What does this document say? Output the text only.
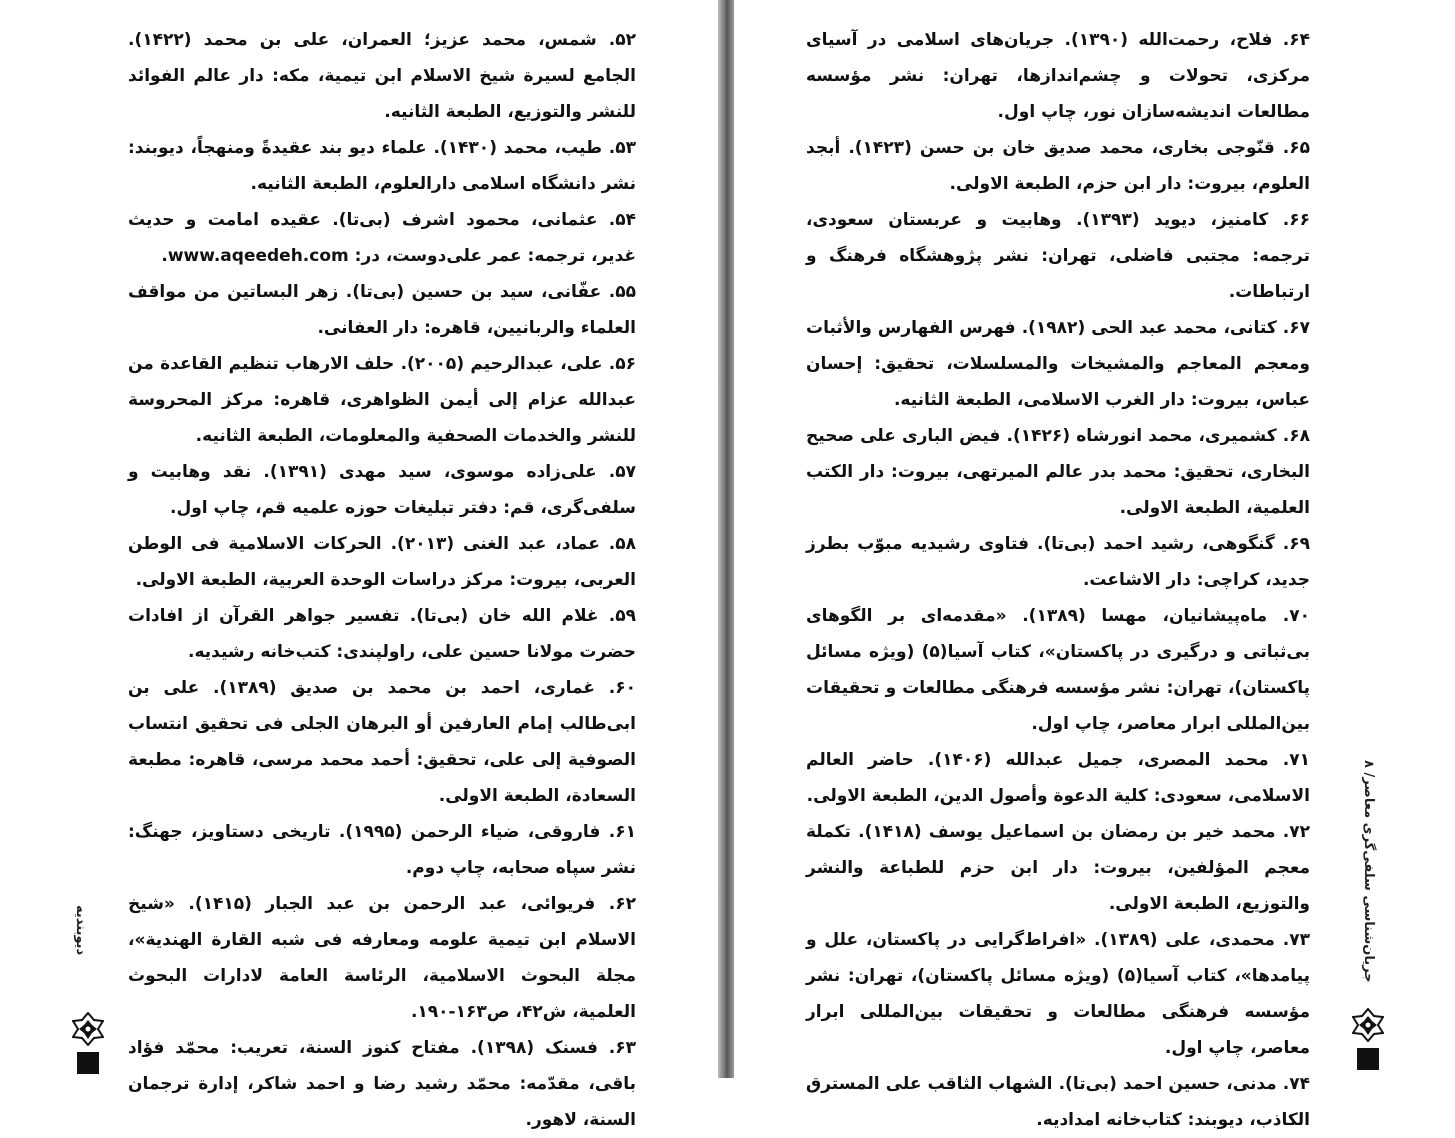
۵۲. شمس، محمد عزیز؛ العمران، علی بن محمد (۱۴۲۲). الجامع لسیرة شیخ الاسلام ابن تیمیة، مکه: دار عالم الفوائد للنشر والتوزیع، الطبعة الثانیه.

۵۳. طیب، محمد (۱۴۳۰). علماء دیو بند عقیدةً ومنهجاً، دیوبند: نشر دانشگاه اسلامی دارالعلوم، الطبعة الثانیه.

۵۴. عثمانی، محمود اشرف (بی‌تا). عقیده امامت و حدیث غدیر، ترجمه: عمر علی‌دوست، در: www.aqeedeh.com.

۵۵. عفّانی، سید بن حسین (بی‌تا). زهر البساتین من مواقف العلماء والربانیین، قاهره: دار العفانی.

۵۶. علی، عبدالرحیم (۲۰۰۵). حلف الارهاب تنظیم القاعدة من عبدالله عزام إلی أیمن الظواهری، قاهره: مرکز المحروسة للنشر والخدمات الصحفیة والمعلومات، الطبعة الثانیه.

۵۷. علی‌زاده موسوی، سید مهدی (۱۳۹۱). نقد وهابیت و سلفی‌گری، قم: دفتر تبلیغات حوزه علمیه قم، چاپ اول.

۵۸. عماد، عبد الغنی (۲۰۱۳). الحرکات الاسلامیة فی الوطن العربی، بیروت: مرکز دراسات الوحدة العربیة، الطبعة الاولی.

۵۹. غلام الله خان (بی‌تا). تفسیر جواهر القرآن از افادات حضرت مولانا حسین علی، راولپندی: کتب‌خانه رشیدیه.

۶۰. غماری، احمد بن محمد بن صدیق (۱۳۸۹). علی بن ابی‌طالب إمام العارفین أو البرهان الجلی فی تحقیق انتساب الصوفیة إلی علی، تحقیق: أحمد محمد مرسی، قاهره: مطبعة السعادة، الطبعة الاولی.

۶۱. فاروقی، ضیاء الرحمن (۱۹۹۵). تاریخی دستاویز، جهنگ: نشر سپاه صحابه، چاپ دوم.

۶۲. فریوائی، عبد الرحمن بن عبد الجبار (۱۴۱۵). «شیخ الاسلام ابن تیمیة علومه ومعارفه فی شبه القارة الهندیة»، مجلة البحوث الاسلامیة، الرئاسة العامة لادارات البحوث العلمیة، ش۴۲، ص۱۶۳-۱۹۰.

۶۳. فسنک (۱۳۹۸). مفتاح کنوز السنة، تعریب: محمّد فؤاد باقی، مقدّمه: محمّد رشید رضا و احمد شاکر، إدارة ترجمان السنة، لاهور.

دیوبندیه

۶۴. فلاح، رحمت‌الله (۱۳۹۰). جریان‌های اسلامی در آسیای مرکزی، تحولات و چشم‌اندازها، تهران: نشر مؤسسه مطالعات اندیشه‌سازان نور، چاپ اول.

۶۵. قنّوجی بخاری، محمد صدیق خان بن حسن (۱۴۲۳). أبجد العلوم، بیروت: دار ابن حزم، الطبعة الاولی.

۶۶. کامنیز، دیوید (۱۳۹۳). وهابیت و عربستان سعودی، ترجمه: مجتبی فاضلی، تهران: نشر پژوهشگاه فرهنگ و ارتباطات.

۶۷. کتانی، محمد عبد الحی (۱۹۸۲). فهرس الفهارس والأثبات ومعجم المعاجم والمشیخات والمسلسلات، تحقیق: إحسان عباس، بیروت: دار الغرب الاسلامی، الطبعة الثانیه.

۶۸. کشمیری، محمد انورشاه (۱۴۲۶). فیض الباری علی صحیح البخاری، تحقیق: محمد بدر عالم المیرتهی، بیروت: دار الکتب العلمیة، الطبعة الاولی.

۶۹. گنگوهی، رشید احمد (بی‌تا). فتاوی رشیدیه مبوّب بطرز جدید، کراچی: دار الاشاعت.

۷۰. ماه‌پیشانیان، مهسا (۱۳۸۹). «مقدمه‌ای بر الگوهای بی‌ثباتی و درگیری در پاکستان»، کتاب آسیا(۵) (ویژه مسائل پاکستان)، تهران: نشر مؤسسه فرهنگی مطالعات و تحقیقات بین‌المللی ابرار معاصر، چاپ اول.

۷۱. محمد المصری، جمیل عبدالله (۱۴۰۶). حاضر العالم الاسلامی، سعودی: کلیة الدعوة وأصول الدین، الطبعة الاولی.

۷۲. محمد خیر بن رمضان بن اسماعیل یوسف (۱۴۱۸). تکملة معجم المؤلفین، بیروت: دار ابن حزم للطباعة والنشر والتوزیع، الطبعة الاولی.

۷۳. محمدی، علی (۱۳۸۹). «افراط‌گرایی در پاکستان، علل و پیامدها»، کتاب آسیا(۵) (ویژه مسائل پاکستان)، تهران: نشر مؤسسه فرهنگی مطالعات و تحقیقات بین‌المللی ابرار معاصر، چاپ اول.

۷۴. مدنی، حسین احمد (بی‌تا). الشهاب الثاقب علی المسترق الکاذب، دیوبند: کتاب‌خانه امدادیه.

جریان‌شناسی سلفی‌گری معاصر/ ۸
